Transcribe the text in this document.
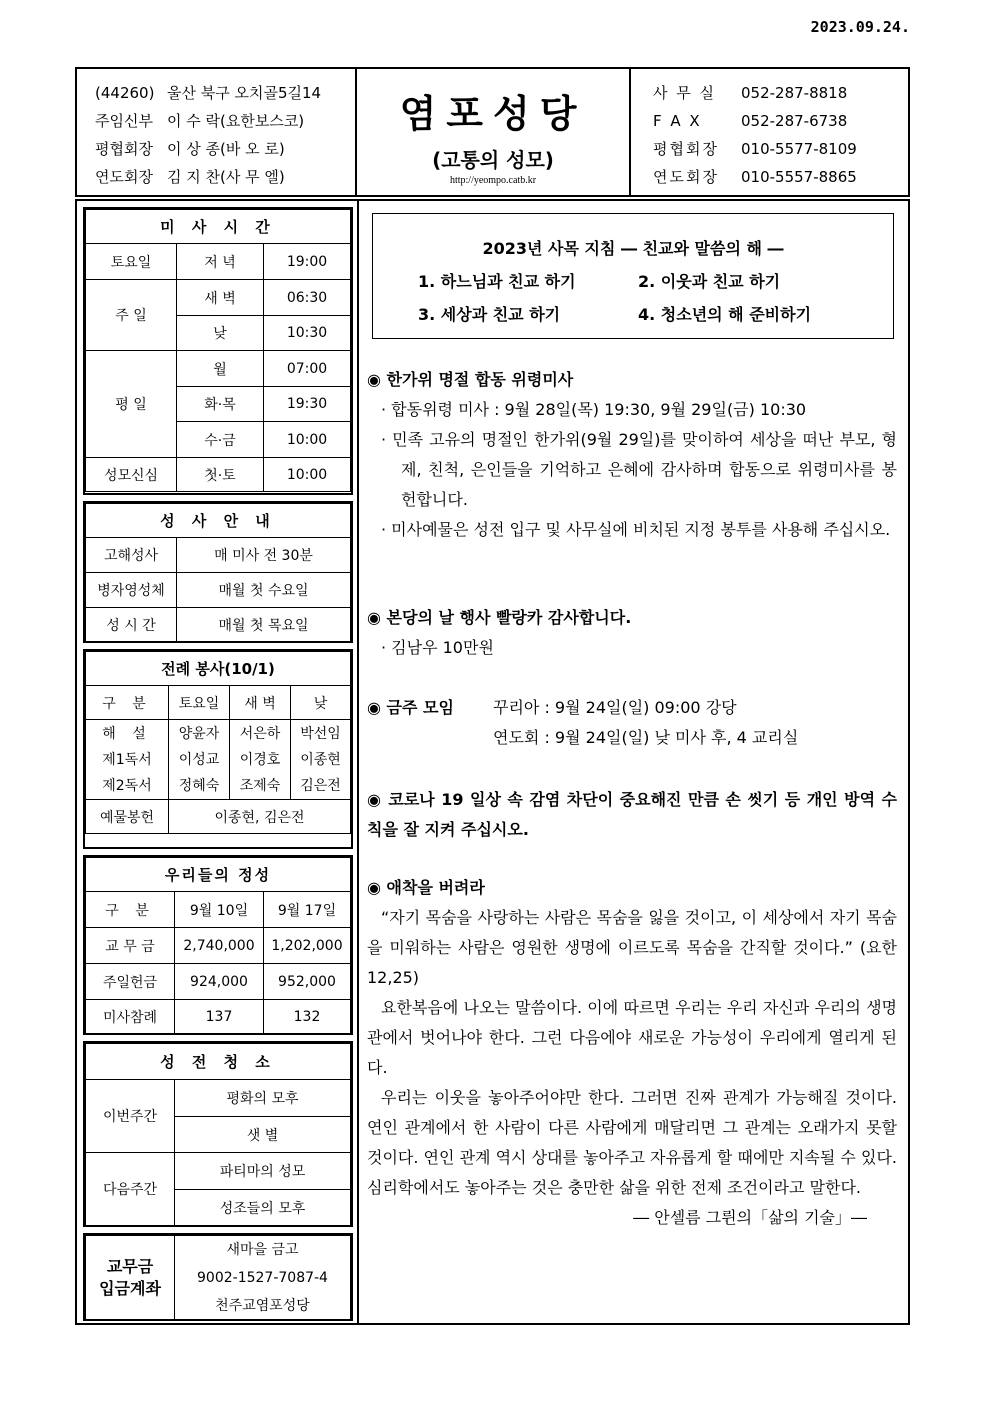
2023.09.24.
(44260) 울산 북구 오치골5길14
주임신부 이 수 락(요한보스코)
평협회장 이 상 종(바 오 로)
연도회장 김 지 찬(사 무 엘)
염포성당
(고통의 성모)
http://yeompo.catb.kr
사 무 실 052-287-8818
F A X	052-287-6738
평협회장 010-5577-8109
연도회장 010-5557-8865
미 사 시 간		
토요일	저 녁	19:00
주 일	새 벽	06:30
	낮	10:30
평 일	월	07:00
	화·목	19:30
	수·금	10:00
성모신심	첫·토	10:00
성 사 안 내	
고해성사	매 미사 전 30분
병자영성체	매월 첫 수요일
성 시 간	매월 첫 목요일
전례 봉사(10/1)			
구 분	토요일	새 벽	낮
해 설	양윤자	서은하	박선임
제1독서	이성교	이경호	이종현
제2독서	정혜숙	조제숙	김은전
예물봉헌	이종현, 김은전		
우리들의 정성		
구 분	9월 10일	9월 17일
교 무 금	2,740,000	1,202,000
주일헌금	924,000	952,000
미사참례	137	132
성 전 청 소	
이번주간	평화의 모후
	샛 별
다음주간	파티마의 성모
	성조들의 모후
교무금
입금계좌

새마을 금고
9002-1527-7087-4
천주교염포성당
2023년 사목 지침 ― 친교와 말씀의 해 ―
1. 하느님과 친교 하기	2. 이웃과 친교 하기
3. 세상과 친교 하기	4. 청소년의 해 준비하기
◉ 한가위 명절 합동 위령미사
· 합동위령 미사 : 9월 28일(목) 19:30, 9월 29일(금) 10:30
· 민족 고유의 명절인 한가위(9월 29일)를 맞이하여 세상을 떠난 부모, 형제, 친척, 은인들을 기억하고 은혜에 감사하며 합동으로 위령미사를 봉헌합니다.
· 미사예물은 성전 입구 및 사무실에 비치된 지정 봉투를 사용해 주십시오.
◉ 본당의 날 행사 빨랑카 감사합니다.
· 김남우 10만원
◉ 금주 모임 꾸리아 : 9월 24일(일) 09:00 강당
연도회 : 9월 24일(일) 낮 미사 후, 4 교리실
◉ 코로나 19 일상 속 감염 차단이 중요해진 만큼 손 씻기 등 개인 방역 수칙을 잘 지켜 주십시오.
◉ 애착을 버려라
“자기 목숨을 사랑하는 사람은 목숨을 잃을 것이고, 이 세상에서 자기 목숨을 미워하는 사람은 영원한 생명에 이르도록 목숨을 간직할 것이다.” (요한 12,25)
요한복음에 나오는 말씀이다. 이에 따르면 우리는 우리 자신과 우리의 생명관에서 벗어나야 한다. 그런 다음에야 새로운 가능성이 우리에게 열리게 된다.
우리는 이웃을 놓아주어야만 한다. 그러면 진짜 관계가 가능해질 것이다. 연인 관계에서 한 사람이 다른 사람에게 매달리면 그 관계는 오래가지 못할 것이다. 연인 관계 역시 상대를 놓아주고 자유롭게 할 때에만 지속될 수 있다. 심리학에서도 놓아주는 것은 충만한 삶을 위한 전제 조건이라고 말한다.
― 안셀름 그륀의「삶의 기술」―
